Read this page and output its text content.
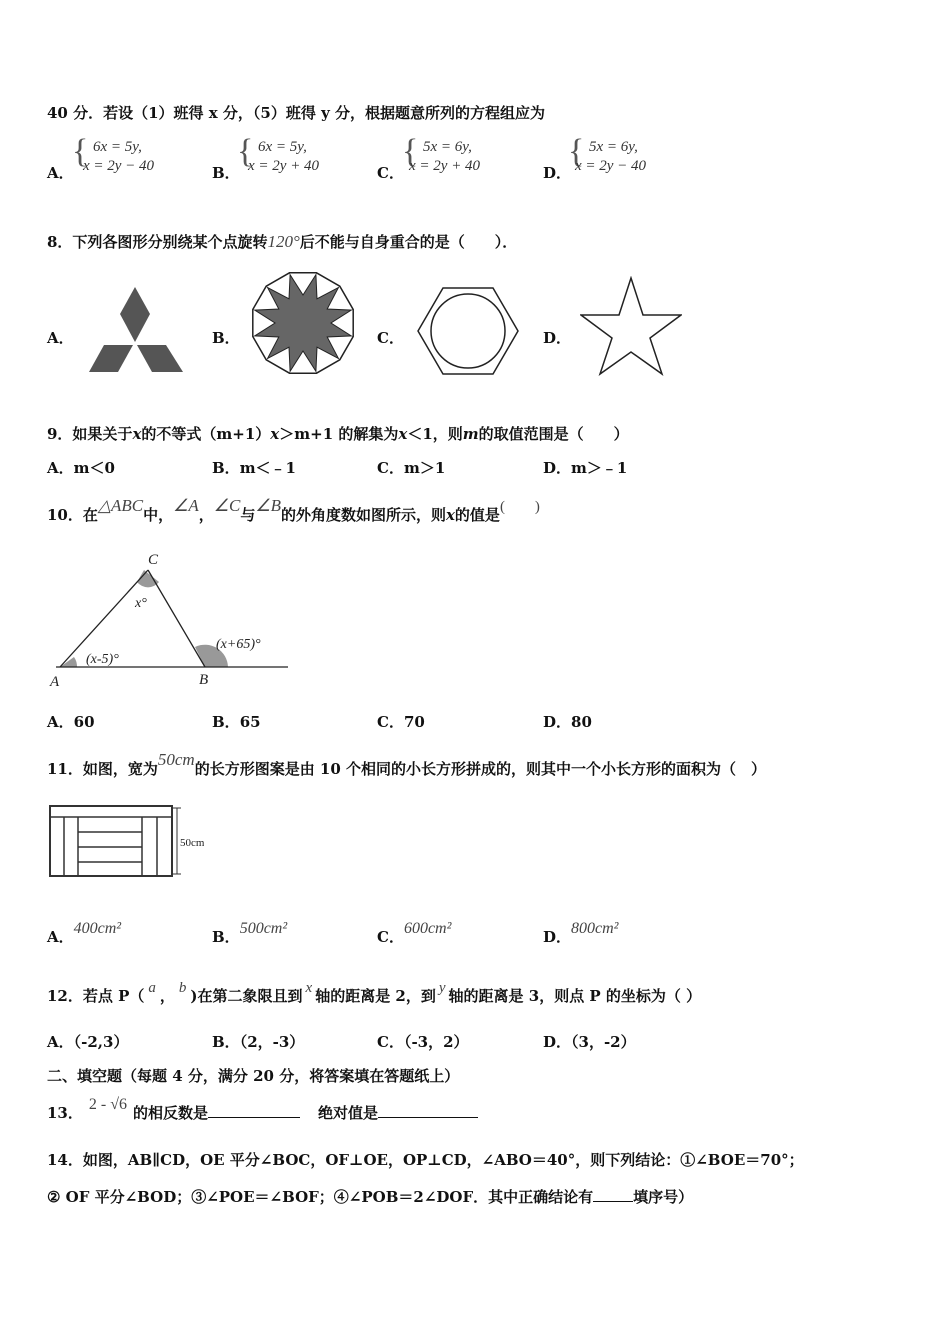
40 分．若设（1）班得 x 分，（5）班得 y 分，根据题意所列的方程组应为
A．
{ 6x = 5y,
x = 2y − 40	B．
{ 6x = 5y,
x = 2y + 40	C．
{ 5x = 6y,
x = 2y + 40	D．
{ 5x = 6y,
x = 2y − 40
8．下列各图形分别绕某个点旋转120°后不能与自身重合的是（　　）．
A．	B．	C．	D．
9．如果关于x的不等式（m+1）x＞m+1 的解集为x＜1，则m的取值范围是（　　）
A．m＜0	B．m＜﹣1	C．m＞1	D．m＞﹣1
10．在△ABC中，∠A，∠C与∠B的外角度数如图所示，则x的值是(　　)
C
A	B
x°
(x-5)°
(x+65)°
A．60	B．65	C．70	D．80
11．如图，宽为50cm的长方形图案是由 10 个相同的小长方形拼成的，则其中一个小长方形的面积为（　）
50cm
A．400cm²	B．500cm²	C．600cm²	D．800cm²
12．若点 P（ a ， b )在第二象限且到 x 轴的距离是 2，到 y 轴的距离是 3，则点 P 的坐标为（ ）
A．（-2,3）	B．（2，-3）	C．（-3，2）	D．（3，-2）
二、填空题（每题 4 分，满分 20 分，将答案填在答题纸上）
13． 2 - √6 的相反数是	绝对值是
14．如图，AB∥CD，OE 平分∠BOC，OF⊥OE，OP⊥CD，∠ABO＝40°，则下列结论：①∠BOE＝70°；
② OF 平分∠BOD；③∠POE＝∠BOF；④∠POB＝2∠DOF．其中正确结论有	填序号）
